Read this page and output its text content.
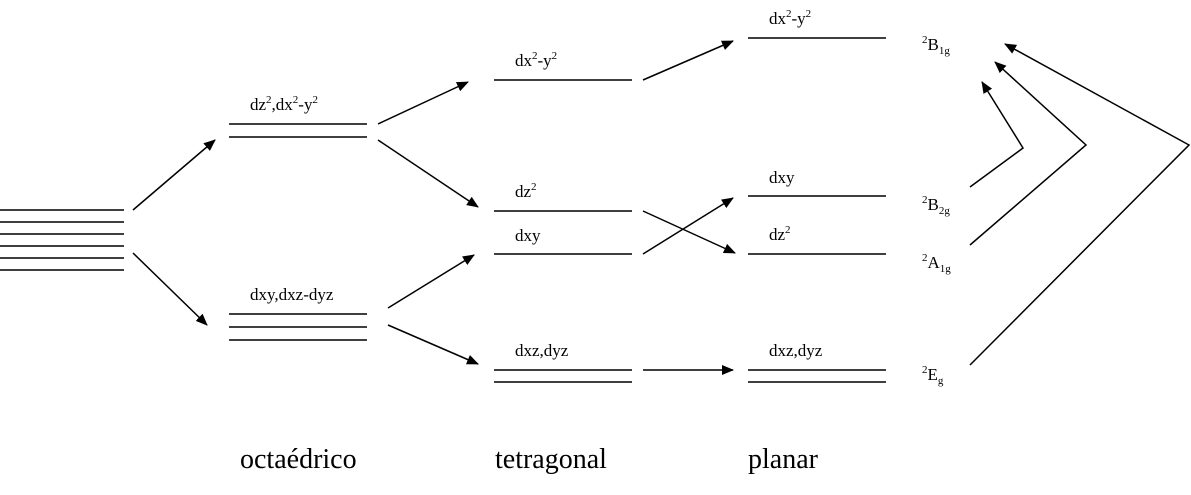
$dz^2,dx^2-y^2$
dxy,dxz-dyz
$dx^2-y^2$
$dz^2$
dxy
dxz,dyz
$dx^2-y^2$
dxy
$dz^2$
dxz,dyz
$^2B_{1g}$
$^2B_{2g}$
$^2A_{1g}$
$^2E_g$
octaédrico	tetragonal	planar
